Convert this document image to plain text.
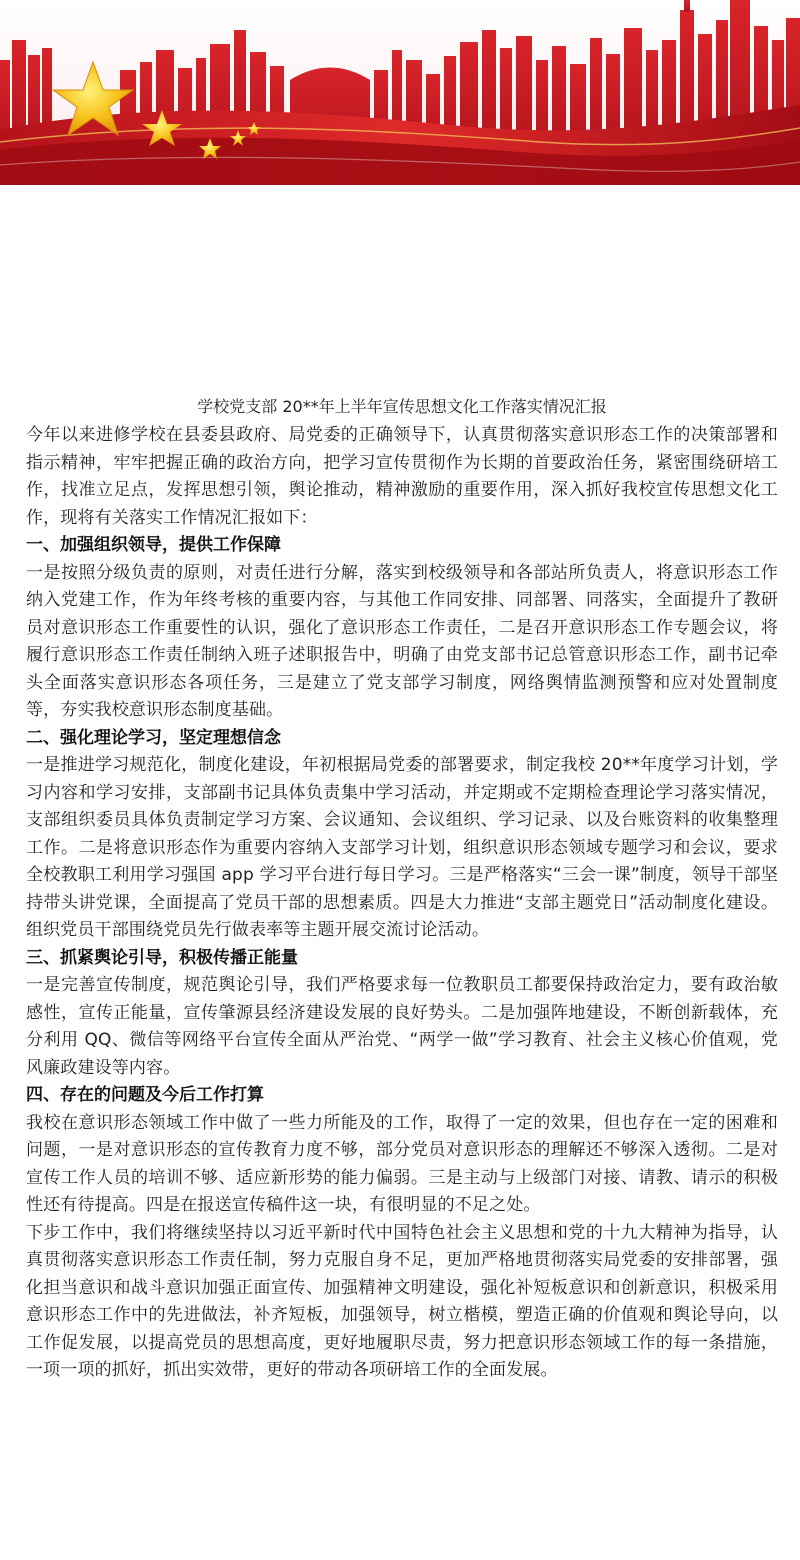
学校党支部 20**年上半年宣传思想文化工作落实情况汇报

今年以来进修学校在县委县政府、局党委的正确领导下，认真贯彻落实意识形态工作的决策部署和指示精神，牢牢把握正确的政治方向，把学习宣传贯彻作为长期的首要政治任务，紧密围绕研培工作，找准立足点，发挥思想引领，舆论推动，精神激励的重要作用，深入抓好我校宣传思想文化工作，现将有关落实工作情况汇报如下：

一、加强组织领导，提供工作保障

一是按照分级负责的原则，对责任进行分解，落实到校级领导和各部站所负责人，将意识形态工作纳入党建工作，作为年终考核的重要内容，与其他工作同安排、同部署、同落实，全面提升了教研员对意识形态工作重要性的认识，强化了意识形态工作责任，二是召开意识形态工作专题会议，将履行意识形态工作责任制纳入班子述职报告中，明确了由党支部书记总管意识形态工作，副书记牵头全面落实意识形态各项任务，三是建立了党支部学习制度，网络舆情监测预警和应对处置制度等，夯实我校意识形态制度基础。

二、强化理论学习，坚定理想信念

一是推进学习规范化，制度化建设，年初根据局党委的部署要求，制定我校 20**年度学习计划，学习内容和学习安排，支部副书记具体负责集中学习活动，并定期或不定期检查理论学习落实情况，支部组织委员具体负责制定学习方案、会议通知、会议组织、学习记录、以及台账资料的收集整理工作。二是将意识形态作为重要内容纳入支部学习计划，组织意识形态领域专题学习和会议，要求全校教职工利用学习强国 app 学习平台进行每日学习。三是严格落实“三会一课”制度，领导干部坚持带头讲党课，全面提高了党员干部的思想素质。四是大力推进“支部主题党日”活动制度化建设。组织党员干部围绕党员先行做表率等主题开展交流讨论活动。

三、抓紧舆论引导，积极传播正能量

一是完善宣传制度，规范舆论引导，我们严格要求每一位教职员工都要保持政治定力，要有政治敏感性，宣传正能量，宣传肇源县经济建设发展的良好势头。二是加强阵地建设，不断创新载体，充分利用 QQ、微信等网络平台宣传全面从严治党、“两学一做”学习教育、社会主义核心价值观，党风廉政建设等内容。

四、存在的问题及今后工作打算

我校在意识形态领域工作中做了一些力所能及的工作，取得了一定的效果，但也存在一定的困难和问题，一是对意识形态的宣传教育力度不够，部分党员对意识形态的理解还不够深入透彻。二是对宣传工作人员的培训不够、适应新形势的能力偏弱。三是主动与上级部门对接、请教、请示的积极性还有待提高。四是在报送宣传稿件这一块，有很明显的不足之处。

下步工作中，我们将继续坚持以习近平新时代中国特色社会主义思想和党的十九大精神为指导，认真贯彻落实意识形态工作责任制，努力克服自身不足，更加严格地贯彻落实局党委的安排部署，强化担当意识和战斗意识加强正面宣传、加强精神文明建设，强化补短板意识和创新意识，积极采用意识形态工作中的先进做法，补齐短板，加强领导，树立楷模，塑造正确的价值观和舆论导向，以工作促发展，以提高党员的思想高度，更好地履职尽责，努力把意识形态领域工作的每一条措施，一项一项的抓好，抓出实效带，更好的带动各项研培工作的全面发展。
